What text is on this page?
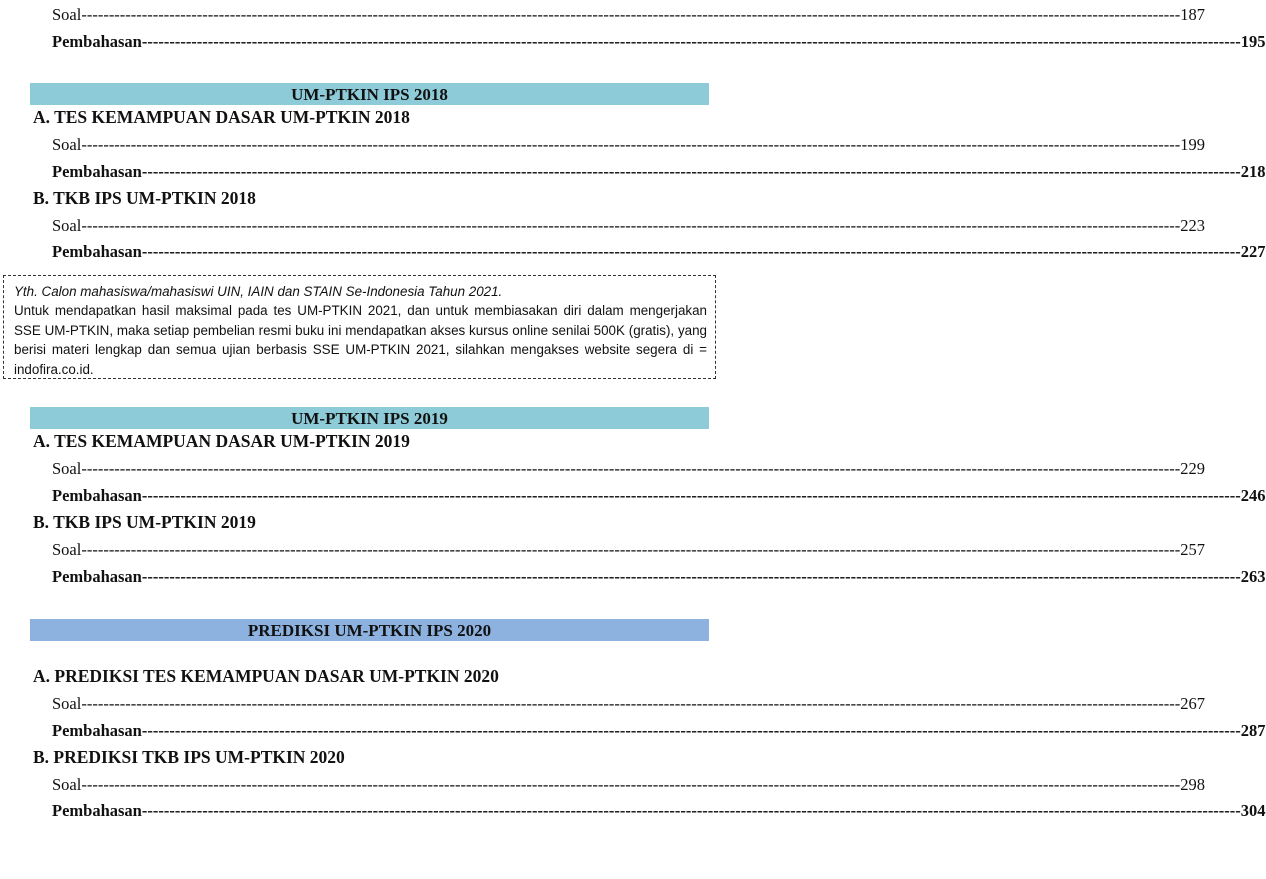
Soal -------------------------------------------------------------------------------------------------------------------------------------------------------------------------------------------------------- 187
Pembahasan -------------------------------------------------------------------------------------------------------------------------------------------------------------------------------------------------------- 195
UM-PTKIN IPS 2018
A. TES KEMAMPUAN DASAR UM-PTKIN 2018
Soal -------------------------------------------------------------------------------------------------------------------------------------------------------------------------------------------------------- 199
Pembahasan -------------------------------------------------------------------------------------------------------------------------------------------------------------------------------------------------------- 218
B. TKB IPS UM-PTKIN 2018
Soal -------------------------------------------------------------------------------------------------------------------------------------------------------------------------------------------------------- 223
Pembahasan -------------------------------------------------------------------------------------------------------------------------------------------------------------------------------------------------------- 227
Yth. Calon mahasiswa/mahasiswi UIN, IAIN dan STAIN Se-Indonesia Tahun 2021.
Untuk mendapatkan hasil maksimal pada tes UM-PTKIN 2021, dan untuk membiasakan diri dalam mengerjakan SSE UM-PTKIN, maka setiap pembelian resmi buku ini mendapatkan akses kursus online senilai 500K (gratis), yang berisi materi lengkap dan semua ujian berbasis SSE UM-PTKIN 2021, silahkan mengakses website segera di = indofira.co.id.
UM-PTKIN IPS 2019
A. TES KEMAMPUAN DASAR UM-PTKIN 2019
Soal -------------------------------------------------------------------------------------------------------------------------------------------------------------------------------------------------------- 229
Pembahasan -------------------------------------------------------------------------------------------------------------------------------------------------------------------------------------------------------- 246
B. TKB IPS UM-PTKIN 2019
Soal -------------------------------------------------------------------------------------------------------------------------------------------------------------------------------------------------------- 257
Pembahasan -------------------------------------------------------------------------------------------------------------------------------------------------------------------------------------------------------- 263
PREDIKSI UM-PTKIN IPS 2020
A. PREDIKSI TES KEMAMPUAN DASAR UM-PTKIN 2020
Soal -------------------------------------------------------------------------------------------------------------------------------------------------------------------------------------------------------- 267
Pembahasan -------------------------------------------------------------------------------------------------------------------------------------------------------------------------------------------------------- 287
B. PREDIKSI TKB IPS UM-PTKIN 2020
Soal -------------------------------------------------------------------------------------------------------------------------------------------------------------------------------------------------------- 298
Pembahasan -------------------------------------------------------------------------------------------------------------------------------------------------------------------------------------------------------- 304
